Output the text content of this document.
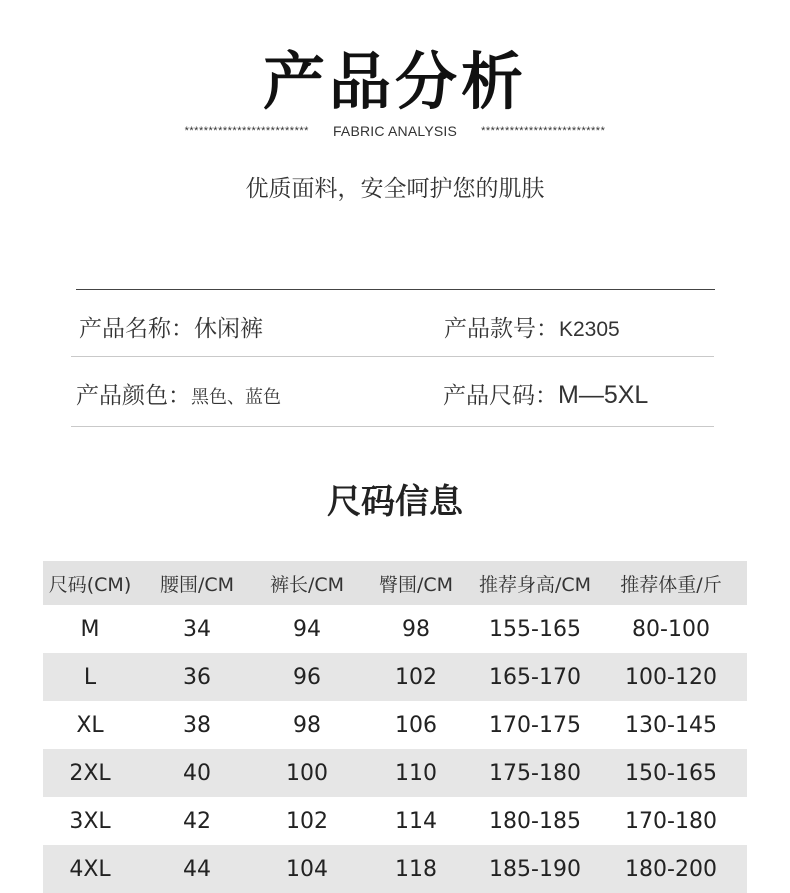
产品分析
************************** FABRIC ANALYSIS **************************
优质面料，安全呵护您的肌肤
产品名称：休闲裤	产品款号：K2305
产品颜色：黑色、蓝色	产品尺码：M—5XL
尺码信息
尺码(CM)	腰围/CM	裤长/CM	臀围/CM	推荐身高/CM	推荐体重/斤
M	34	94	98	155-165	80-100
L	36	96	102	165-170	100-120
XL	38	98	106	170-175	130-145
2XL	40	100	110	175-180	150-165
3XL	42	102	114	180-185	170-180
4XL	44	104	118	185-190	180-200
